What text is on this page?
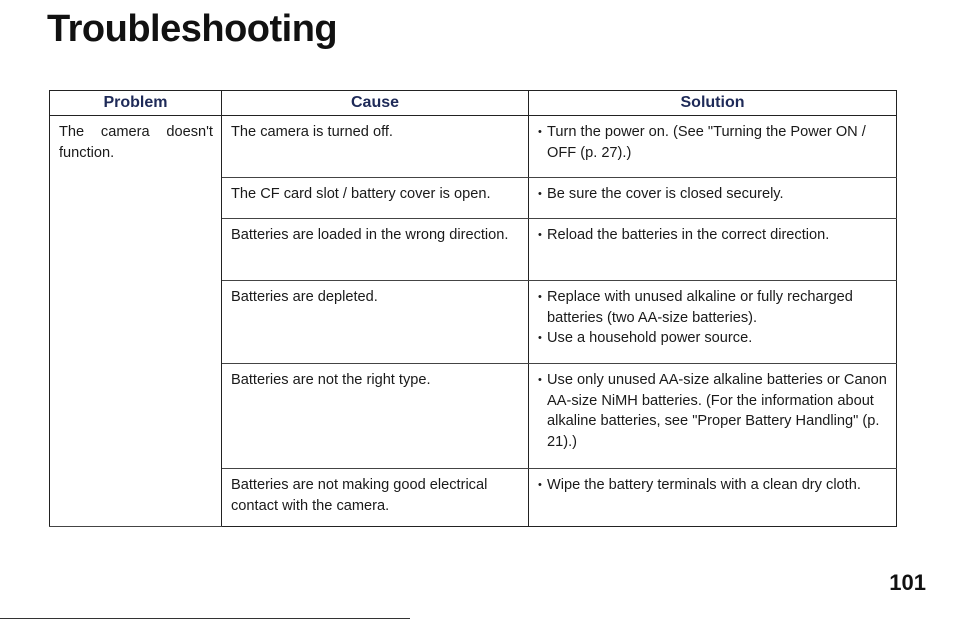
Troubleshooting
Problem	Cause	Solution
The camera doesn't function.	The camera is turned off.	• Turn the power on. (See "Turning the Power ON / OFF (p. 27).)

	The CF card slot / battery cover is open.	• Be sure the cover is closed securely.

	Batteries are loaded in the wrong direction.	• Reload the batteries in the correct direction.

	Batteries are depleted.	• Replace with unused alkaline or fully recharged batteries (two AA-size batteries).
• Use a household power source.

	Batteries are not the right type.	• Use only unused AA-size alkaline batteries or Canon AA-size NiMH batteries. (For the information about alkaline batteries, see "Proper Battery Handling" (p. 21).)

	Batteries are not making good electrical contact with the camera.	• Wipe the battery terminals with a clean dry cloth.
101
